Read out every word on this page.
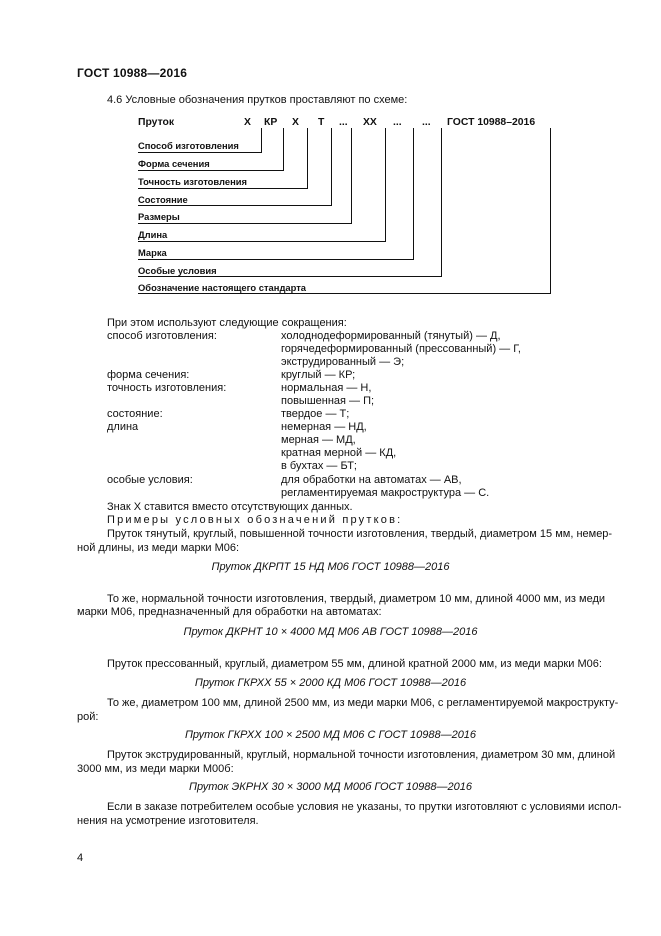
ГОСТ 10988—2016
4.6 Условные обозначения прутков проставляют по схеме:
Пруток	Х КР Х Т ... ХХ ... ... ГОСТ 10988–2016
Способ изготовления
Форма сечения
Точность изготовления
Состояние
Размеры
Длина
Марка
Особые условия
Обозначение настоящего стандарта
При этом используют следующие сокращения:
способ изготовления:	холоднодеформированный (тянутый) — Д,
горячедеформированный (прессованный) — Г,
экструдированный — Э;
форма сечения:	круглый — КР;
точность изготовления:	нормальная — Н,
повышенная — П;
состояние:	твердое — Т;
длина	немерная — НД,
мерная — МД,
кратная мерной — КД,
в бухтах — БТ;
особые условия:	для обработки на автоматах — АВ,
регламентируемая макроструктура — С.
Знак Х ставится вместо отсутствующих данных.
Примеры условных обозначений прутков:
Пруток тянутый, круглый, повышенной точности изготовления, твердый, диаметром 15 мм, немер-
ной длины, из меди марки М06:
Пруток ДКРПТ 15 НД М06 ГОСТ 10988—2016
То же, нормальной точности изготовления, твердый, диаметром 10 мм, длиной 4000 мм, из меди
марки М06, предназначенный для обработки на автоматах:
Пруток ДКРНТ 10 × 4000 МД М06 АВ ГОСТ 10988—2016
Пруток прессованный, круглый, диаметром 55 мм, длиной кратной 2000 мм, из меди марки М06:
Пруток ГКРХХ 55 × 2000 КД М06 ГОСТ 10988—2016
То же, диаметром 100 мм, длиной 2500 мм, из меди марки М06, с регламентируемой макрострукту-
рой:
Пруток ГКРХХ 100 × 2500 МД М06 С ГОСТ 10988—2016
Пруток экструдированный, круглый, нормальной точности изготовления, диаметром 30 мм, длиной
3000 мм, из меди марки М00б:
Пруток ЭКРНХ 30 × 3000 МД М00б ГОСТ 10988—2016
Если в заказе потребителем особые условия не указаны, то прутки изготовляют с условиями испол-
нения на усмотрение изготовителя.
4
